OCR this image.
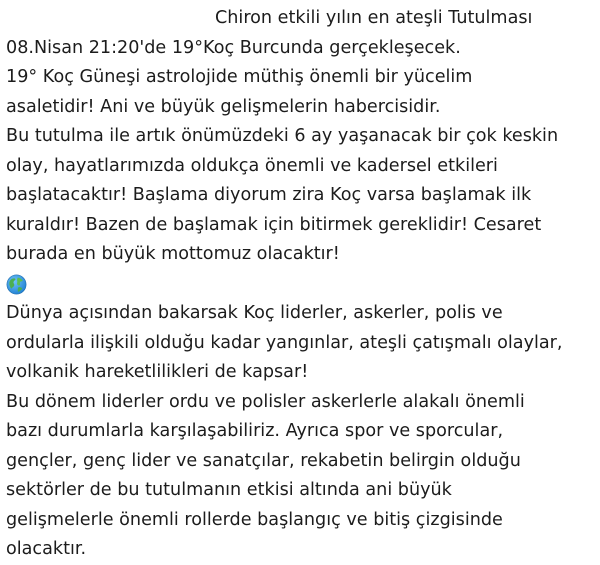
Chiron etkili yılın en ateşli Tutulması
08.Nisan 21:20'de 19°Koç Burcunda gerçekleşecek.
19° Koç Güneşi astrolojide müthiş önemli bir yücelim
asaletidir! Ani ve büyük gelişmelerin habercisidir.
Bu tutulma ile artık önümüzdeki 6 ay yaşanacak bir çok keskin
olay, hayatlarımızda oldukça önemli ve kadersel etkileri
başlatacaktır! Başlama diyorum zira Koç varsa başlamak ilk
kuraldır! Bazen de başlamak için bitirmek gereklidir! Cesaret
burada en büyük mottomuz olacaktır!
Dünya açısından bakarsak Koç liderler, askerler, polis ve
ordularla ilişkili olduğu kadar yangınlar, ateşli çatışmalı olaylar,
volkanik hareketlilikleri de kapsar!
Bu dönem liderler ordu ve polisler askerlerle alakalı önemli
bazı durumlarla karşılaşabiliriz. Ayrıca spor ve sporcular,
gençler, genç lider ve sanatçılar, rekabetin belirgin olduğu
sektörler de bu tutulmanın etkisi altında ani büyük
gelişmelerle önemli rollerde başlangıç ve bitiş çizgisinde
olacaktır.
